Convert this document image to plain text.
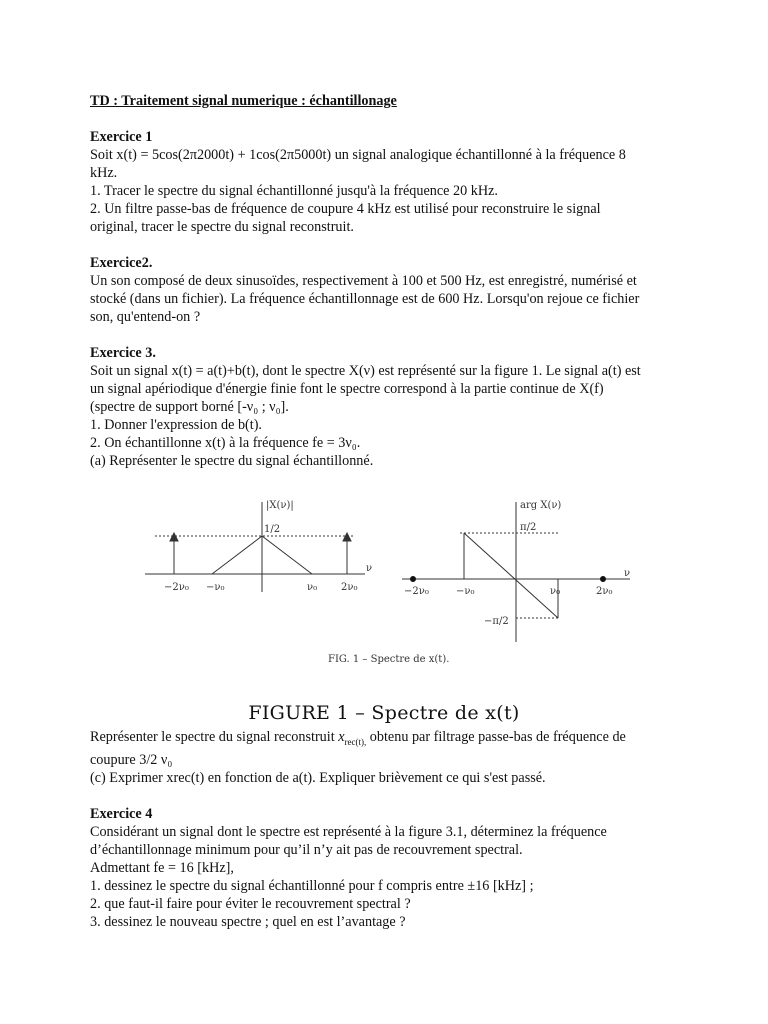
TD : Traitement signal numerique : échantillonage

Exercice 1

Soit x(t) = 5cos(2π2000t) + 1cos(2π5000t) un signal analogique échantillonné à la fréquence 8

kHz.

1. Tracer le spectre du signal échantillonné jusqu'à la fréquence 20 kHz.

2. Un filtre passe-bas de fréquence de coupure 4 kHz est utilisé pour reconstruire le signal

original, tracer le spectre du signal reconstruit.

Exercice2.

Un son composé de deux sinusoïdes, respectivement à 100 et 500 Hz, est enregistré, numérisé et

stocké (dans un fichier). La fréquence échantillonnage est de 600 Hz. Lorsqu'on rejoue ce fichier

son, qu'entend-on ?

Exercice 3.

Soit un signal x(t) = a(t)+b(t), dont le spectre X(ν) est représenté sur la figure 1. Le signal a(t) est

un signal apériodique d'énergie finie font le spectre correspond à la partie continue de X(f)

(spectre de support borné [-ν₀ ; ν₀].

1. Donner l'expression de b(t).

2. On échantillonne x(t) à la fréquence fe = 3ν₀.

(a) Représenter le spectre du signal échantillonné.

|X(ν)|
1/2
ν
−2ν₀ −ν₀	ν₀ 2ν₀
arg X(ν)
π/2
−π/2
ν
−2ν₀	−ν₀	ν₀	2ν₀
FIG. 1 – Spectre de x(t).
FIGURE 1 – Spectre de x(t)

Représenter le spectre du signal reconstruit $x_{rec(t),}$ obtenu par filtrage passe-bas de fréquence de

coupure 3/2 ν₀

(c) Exprimer xrec(t) en fonction de a(t). Expliquer brièvement ce qui s'est passé.

Exercice 4

Considérant un signal dont le spectre est représenté à la figure 3.1, déterminez la fréquence

d’échantillonnage minimum pour qu’il n’y ait pas de recouvrement spectral.

Admettant fe = 16 [kHz],

1. dessinez le spectre du signal échantillonné pour f compris entre ±16 [kHz] ;

2. que faut-il faire pour éviter le recouvrement spectral ?

3. dessinez le nouveau spectre ; quel en est l’avantage ?
